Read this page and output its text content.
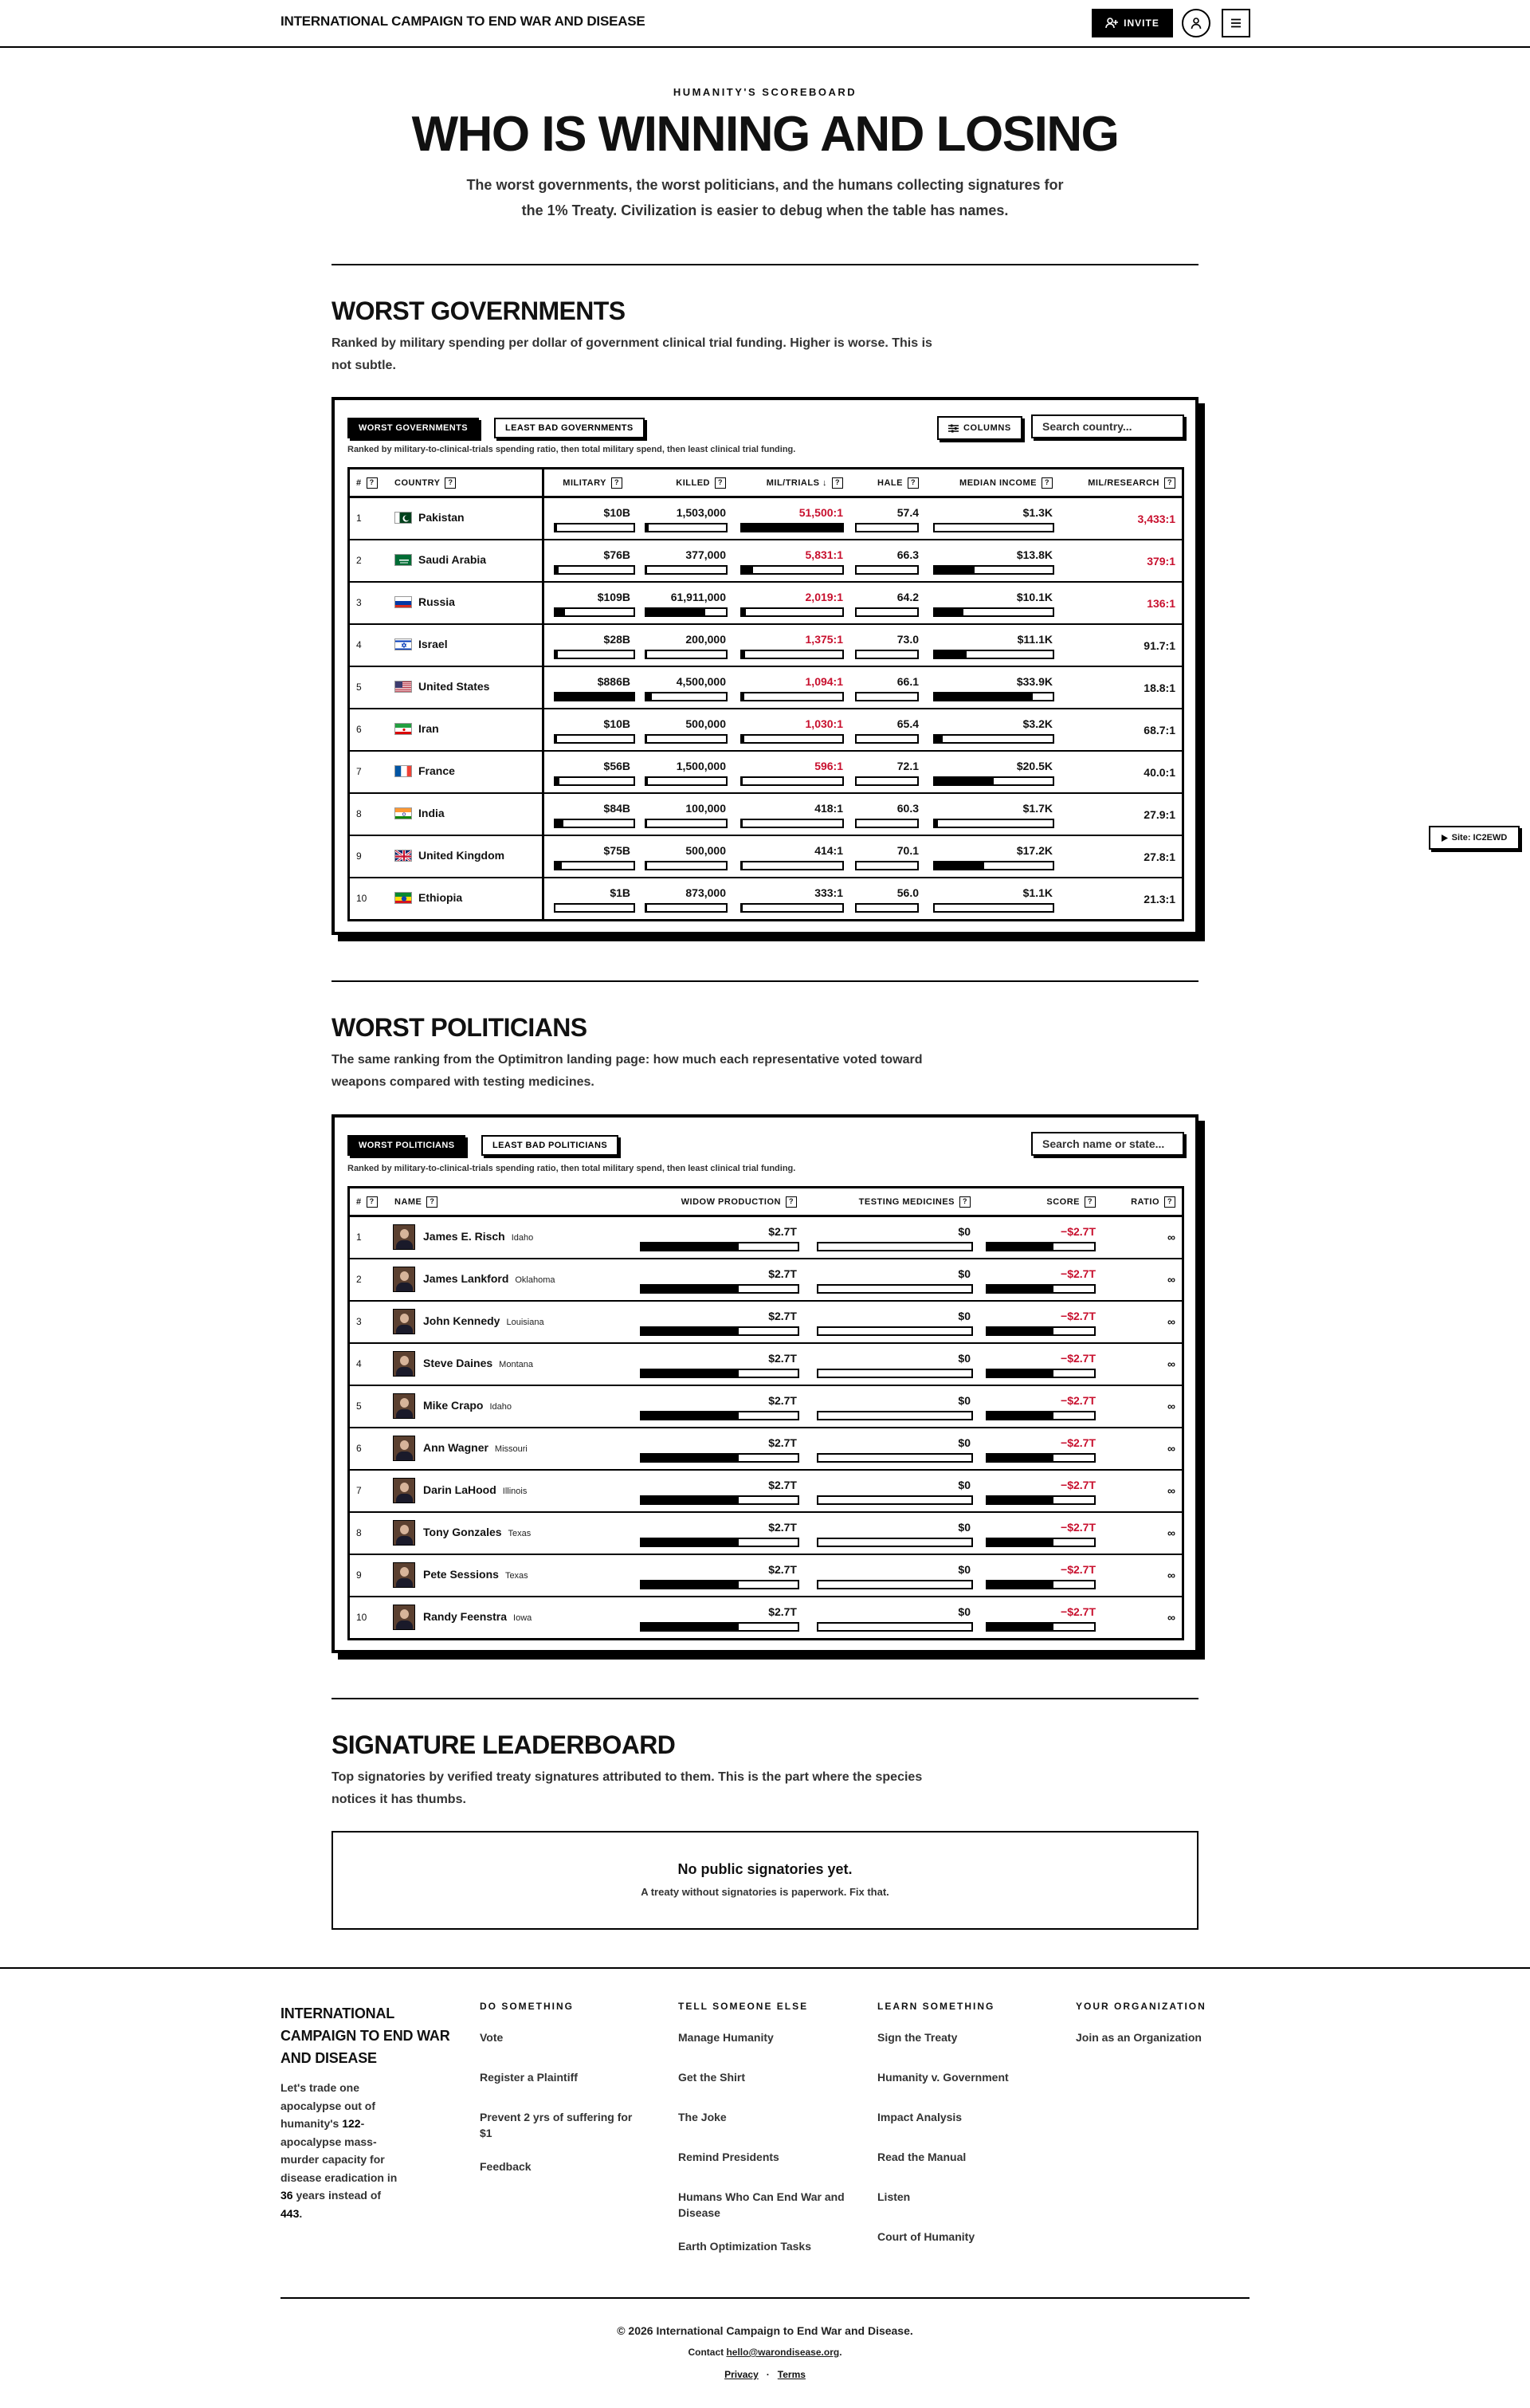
INTERNATIONAL CAMPAIGN TO END WAR AND DISEASE	INVITE
HUMANITY'S SCOREBOARD
WHO IS WINNING AND LOSING

The worst governments, the worst politicians, and the humans collecting signatures for the 1% Treaty. Civilization is easier to debug when the table has names.

WORST GOVERNMENTS

Ranked by military spending per dollar of government clinical trial funding. Higher is worse. This is not subtle.

WORST GOVERNMENTS	LEAST BAD GOVERNMENTS	COLUMNS
Search country...
Ranked by military-to-clinical-trials spending ratio, then total military spend, then least clinical trial funding.
#	?	COUNTRY	?	MILITARY	?	KILLED	?	MIL/TRIALS ↓	?	HALE	?	MEDIAN INCOME	?	MIL/RESEARCH	?
1	Pakistan	$10B	1,503,000	51,500:1	57.4	$1.3K	3,433:1
2	Saudi Arabia	$76B	377,000	5,831:1	66.3	$13.8K	379:1
3	Russia	$109B	61,911,000	2,019:1	64.2	$10.1K	136:1
4	Israel	$28B	200,000	1,375:1	73.0	$11.1K	91.7:1
5	United States	$886B	4,500,000	1,094:1	66.1	$33.9K	18.8:1
6	Iran	$10B	500,000	1,030:1	65.4	$3.2K	68.7:1
7	France	$56B	1,500,000	596:1	72.1	$20.5K	40.0:1
8	India	$84B	100,000	418:1	60.3	$1.7K	27.9:1
9	United Kingdom	$75B	500,000	414:1	70.1	$17.2K	27.8:1
10	Ethiopia	$1B	873,000	333:1	56.0	$1.1K	21.3:1
WORST POLITICIANS

The same ranking from the Optimitron landing page: how much each representative voted toward weapons compared with testing medicines.

WORST POLITICIANS	LEAST BAD POLITICIANS
Search name or state...
Ranked by military-to-clinical-trials spending ratio, then total military spend, then least clinical trial funding.
#	?	NAME	?	WIDOW PRODUCTION	?	TESTING MEDICINES	?	SCORE	?	RATIO	?
1	James E. Risch Idaho	$2.7T	$0	−$2.7T	∞
2	James Lankford Oklahoma	$2.7T	$0	−$2.7T	∞
3	John Kennedy Louisiana	$2.7T	$0	−$2.7T	∞
4	Steve Daines Montana	$2.7T	$0	−$2.7T	∞
5	Mike Crapo Idaho	$2.7T	$0	−$2.7T	∞
6	Ann Wagner Missouri	$2.7T	$0	−$2.7T	∞
7	Darin LaHood Illinois	$2.7T	$0	−$2.7T	∞
8	Tony Gonzales Texas	$2.7T	$0	−$2.7T	∞
9	Pete Sessions Texas	$2.7T	$0	−$2.7T	∞
10	Randy Feenstra Iowa	$2.7T	$0	−$2.7T	∞
SIGNATURE LEADERBOARD

Top signatories by verified treaty signatures attributed to them. This is the part where the species notices it has thumbs.

No public signatories yet.
A treaty without signatories is paperwork. Fix that.
Site: IC2EWD
INTERNATIONAL CAMPAIGN TO END WAR AND DISEASE
Let's trade one apocalypse out of humanity's 122-apocalypse mass-murder capacity for disease eradication in 36 years instead of 443.
DO SOMETHING
Vote
Register a Plaintiff
Prevent 2 yrs of suffering for $1
Feedback
TELL SOMEONE ELSE
Manage Humanity
Get the Shirt
The Joke
Remind Presidents
Humans Who Can End War and Disease
Earth Optimization Tasks
LEARN SOMETHING
Sign the Treaty
Humanity v. Government
Impact Analysis
Read the Manual
Listen
Court of Humanity
YOUR ORGANIZATION
Join as an Organization
© 2026 International Campaign to End War and Disease.
Contact hello@warondisease.org.
Privacy · Terms
